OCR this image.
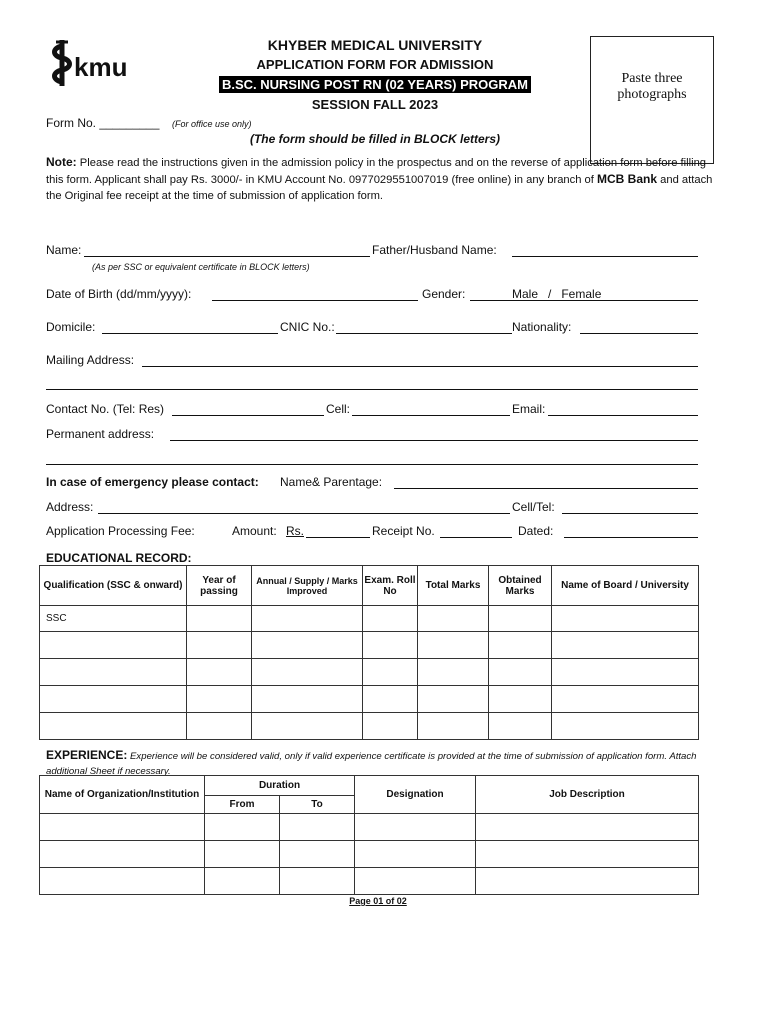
kmu
KHYBER MEDICAL UNIVERSITY
APPLICATION FORM FOR ADMISSION
B.SC. NURSING POST RN (02 YEARS) PROGRAM
SESSION FALL 2023
Paste three photographs
Form No. _________ (For office use only)
(The form should be filled in BLOCK letters)
Note: Please read the instructions given in the admission policy in the prospectus and on the reverse of application form before filling this form. Applicant shall pay Rs. 3000/- in KMU Account No. 0977029551007019 (free online) in any branch of MCB Bank and attach the Original fee receipt at the time of submission of application form.
Name:	Father/Husband Name:
(As per SSC or equivalent certificate in BLOCK letters)
Date of Birth (dd/mm/yyyy):	Gender:	Male   /   Female
Domicile:	CNIC No.:	Nationality:
Mailing Address:
Contact No. (Tel: Res)	Cell:	Email:
Permanent address:
In case of emergency please contact: Name& Parentage:
Address:	Cell/Tel:
Application Processing Fee:	Amount: Rs.	Receipt No.	Dated:
EDUCATIONAL RECORD:
Qualification (SSC & onward)	Year of passing	Annual / Supply / Marks Improved	Exam. Roll No	Total Marks	Obtained Marks	Name of Board / University
SSC						

EXPERIENCE: Experience will be considered valid, only if valid experience certificate is provided at the time of submission of application form. Attach additional Sheet if necessary.
Name of Organization/Institution	Duration		Designation	Job Description
	From	To		

Page 01 of 02
